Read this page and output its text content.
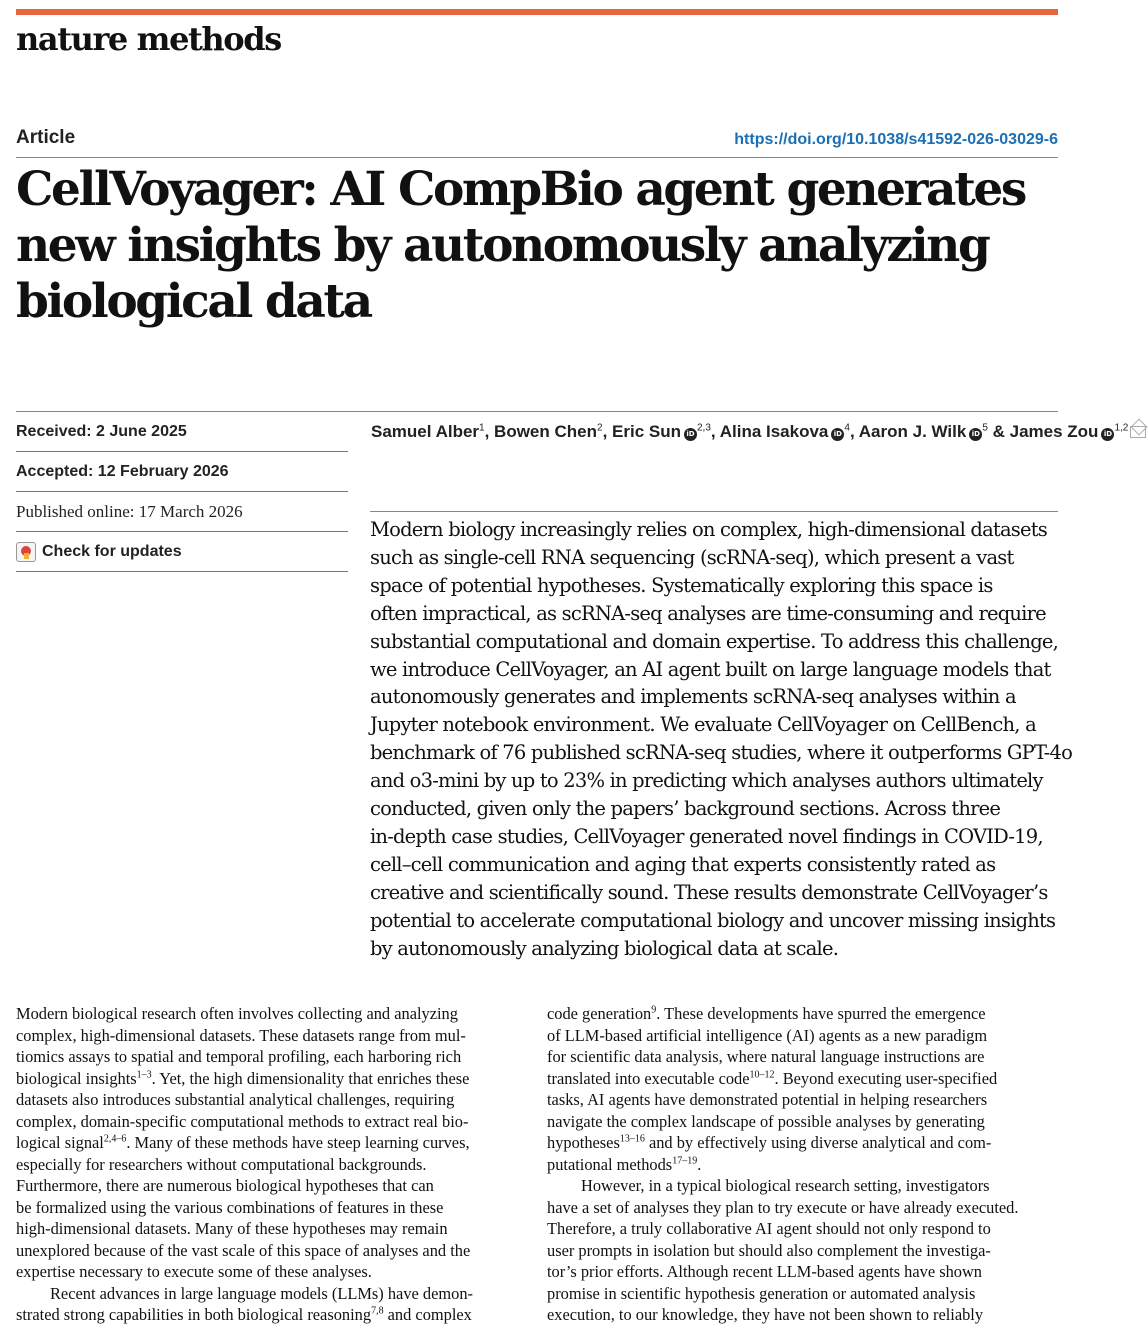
nature methods
Article	https://doi.org/10.1038/s41592-026-03029-6
CellVoyager: AI CompBio agent generates
new insights by autonomously analyzing
biological data
Received: 2 June 2025
Accepted: 12 February 2026
Published online: 17 March 2026
Check for updates
Samuel Alber$^1$, Bowen Chen$^2$, Eric Sun iD$^{2,3}$, Alina Isakova $iD^4$, Aaron J. Wilk $iD^5$ & James Zou iD$^{1,2}$
Modern biology increasingly relies on complex, high-dimensional datasets
such as single-cell RNA sequencing (scRNA-seq), which present a vast
space of potential hypotheses. Systematically exploring this space is
often impractical, as scRNA-seq analyses are time-consuming and require
substantial computational and domain expertise. To address this challenge,
we introduce CellVoyager, an AI agent built on large language models that
autonomously generates and implements scRNA-seq analyses within a
Jupyter notebook environment. We evaluate CellVoyager on CellBench, a
benchmark of 76 published scRNA-seq studies, where it outperforms GPT-4o
and o3-mini by up to 23% in predicting which analyses authors ultimately
conducted, given only the papers’ background sections. Across three
in-depth case studies, CellVoyager generated novel findings in COVID-19,
cell–cell communication and aging that experts consistently rated as
creative and scientifically sound. These results demonstrate CellVoyager’s
potential to accelerate computational biology and uncover missing insights
by autonomously analyzing biological data at scale.
Modern biological research often involves collecting and analyzing
complex, high-dimensional datasets. These datasets range from mul-
tiomics assays to spatial and temporal profiling, each harboring rich
biological insights$^{1-3}$. Yet, the high dimensionality that enriches these
datasets also introduces substantial analytical challenges, requiring
complex, domain-specific computational methods to extract real bio-
logical signal$^{2,4-6}$. Many of these methods have steep learning curves,
especially for researchers without computational backgrounds.
Furthermore, there are numerous biological hypotheses that can
be formalized using the various combinations of features in these
high-dimensional datasets. Many of these hypotheses may remain
unexplored because of the vast scale of this space of analyses and the
expertise necessary to execute some of these analyses.
Recent advances in large language models (LLMs) have demon-
strated strong capabilities in both biological reasoning$^{7,8}$ and complex
code generation$^9$. These developments have spurred the emergence
of LLM-based artificial intelligence (AI) agents as a new paradigm
for scientific data analysis, where natural language instructions are
translated into executable code$^{10-12}$. Beyond executing user-specified
tasks, AI agents have demonstrated potential in helping researchers
navigate the complex landscape of possible analyses by generating
hypotheses$^{13-16}$ and by effectively using diverse analytical and com-
putational methods$^{17-19}$.
However, in a typical biological research setting, investigators
have a set of analyses they plan to try execute or have already executed.
Therefore, a truly collaborative AI agent should not only respond to
user prompts in isolation but should also complement the investiga-
tor’s prior efforts. Although recent LLM-based agents have shown
promise in scientific hypothesis generation or automated analysis
execution, to our knowledge, they have not been shown to reliably
